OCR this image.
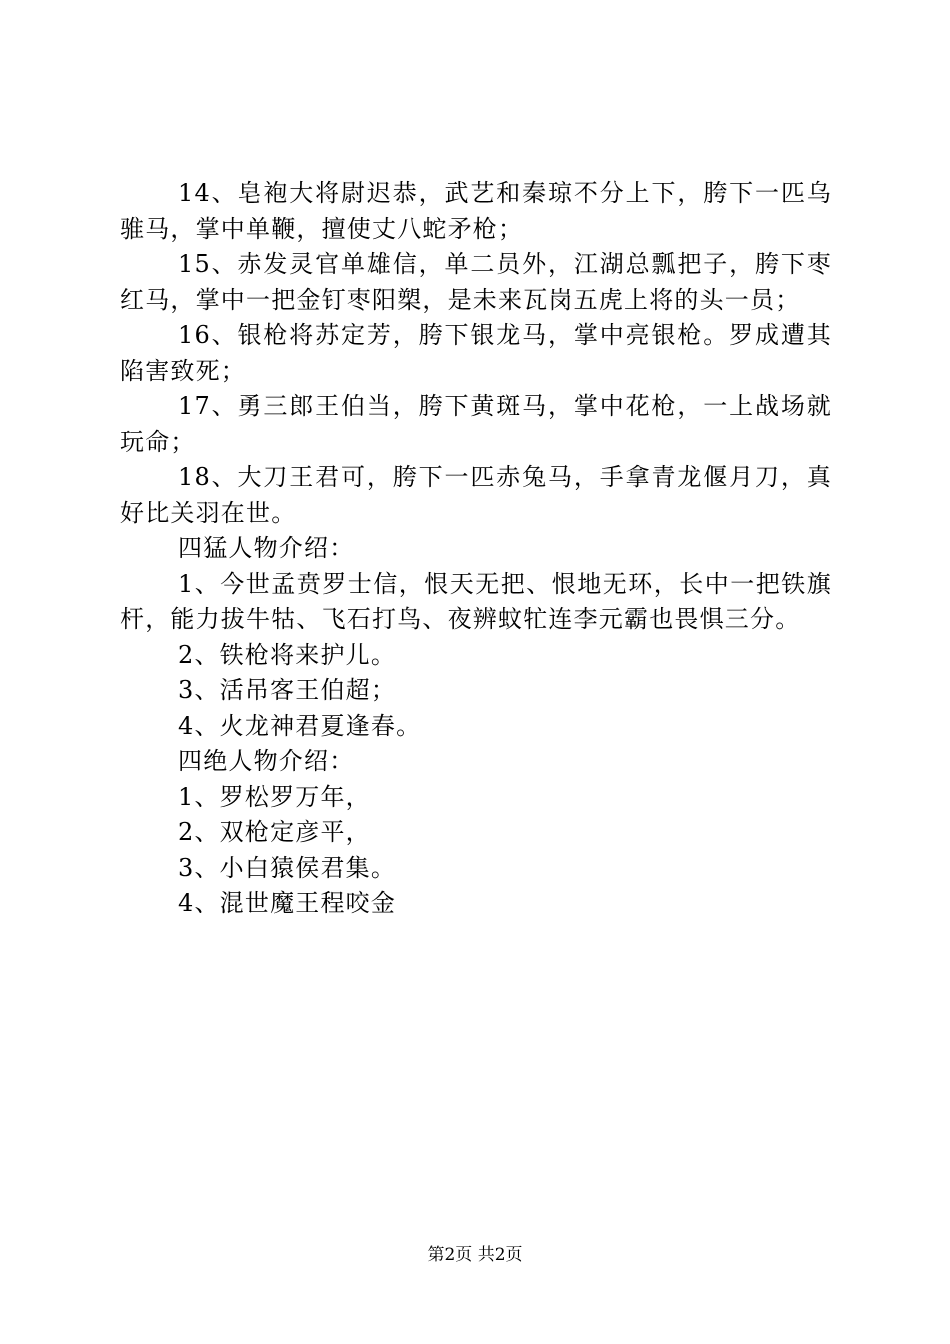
14、皂袍大将尉迟恭，武艺和秦琼不分上下，胯下一匹乌骓马，掌中单鞭，擅使丈八蛇矛枪；

15、赤发灵官单雄信，单二员外，江湖总瓢把子，胯下枣红马，掌中一把金钉枣阳槊，是未来瓦岗五虎上将的头一员；

16、银枪将苏定芳，胯下银龙马，掌中亮银枪。罗成遭其陷害致死；

17、勇三郎王伯当，胯下黄斑马，掌中花枪，一上战场就玩命；

18、大刀王君可，胯下一匹赤兔马，手拿青龙偃月刀，真好比关羽在世。

四猛人物介绍：

1、今世孟贲罗士信，恨天无把、恨地无环，长中一把铁旗杆，能力拔牛牯、飞石打鸟、夜辨蚊牤连李元霸也畏惧三分。

2、铁枪将来护儿。

3、活吊客王伯超；

4、火龙神君夏逢春。

四绝人物介绍：

1、罗松罗万年，

2、双枪定彦平，

3、小白猿侯君集。

4、混世魔王程咬金

第2页 共2页
